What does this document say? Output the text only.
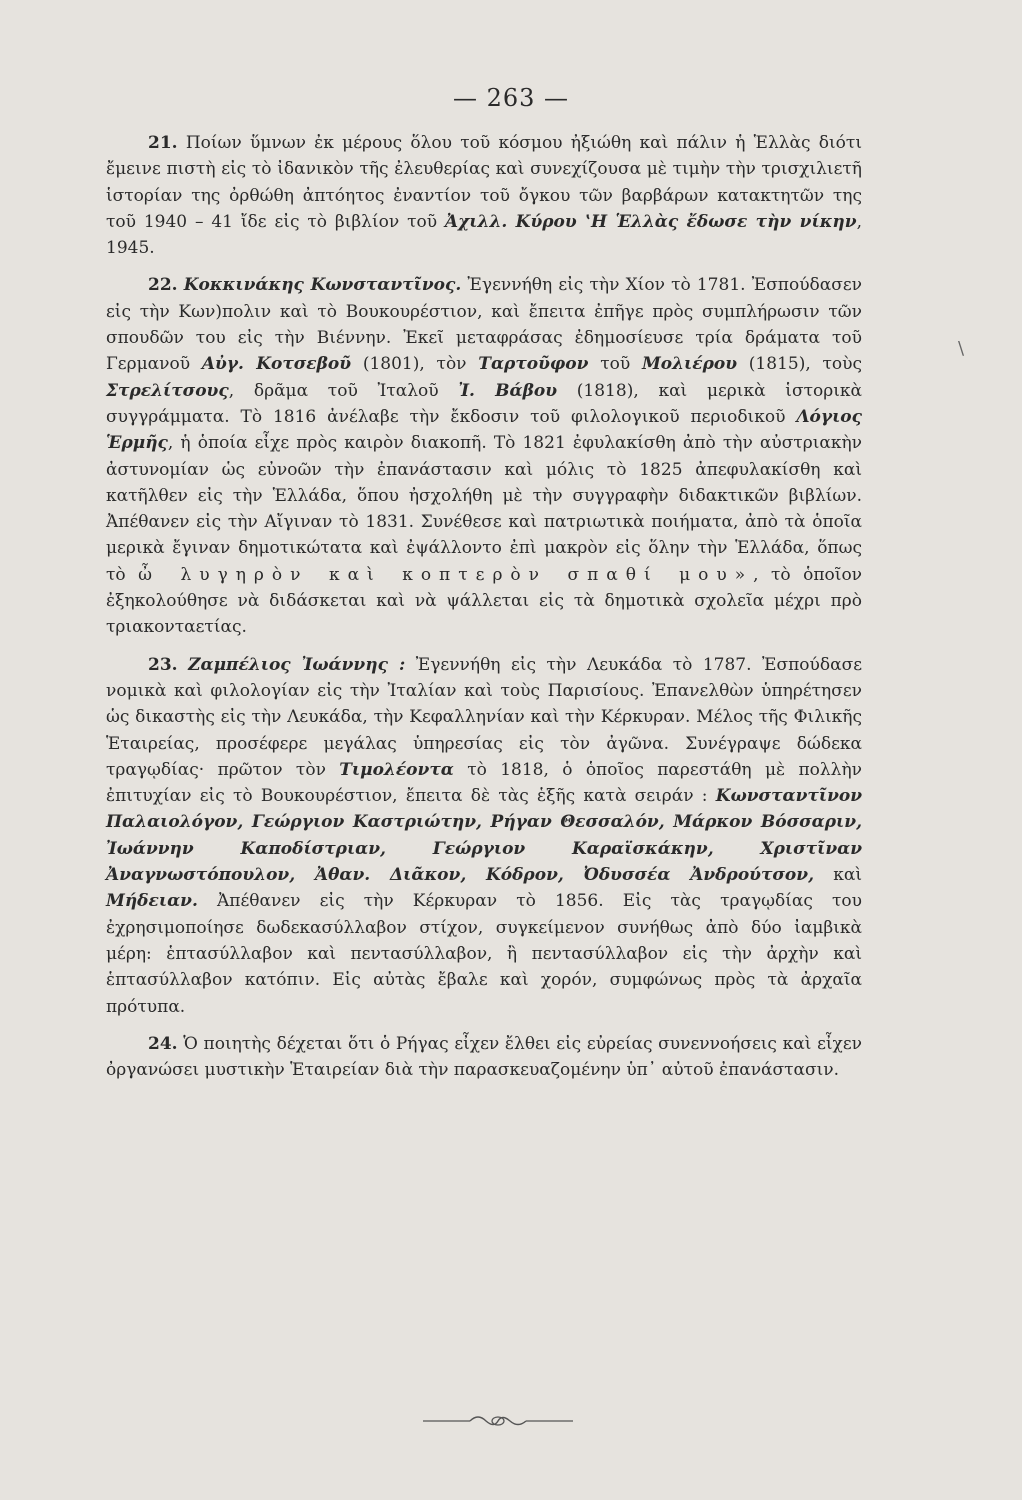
— 263 —

21. Ποίων ὕμνων ἐκ μέρους ὅλου τοῦ κόσμου ἠξιώθη καὶ πάλιν ἡ Ἑλλὰς διότι ἔμεινε πιστὴ εἰς τὸ ἰδανικὸν τῆς ἐλευθερίας καὶ συνεχίζουσα μὲ τιμὴν τὴν τρισχιλιετῆ ἱστορίαν της ὀρθώθη ἀπτόητος ἐναντίον τοῦ ὄγκου τῶν βαρβάρων κατακτητῶν της τοῦ 1940 – 41 ἴδε εἰς τὸ βιβλίον τοῦ Ἀχιλλ. Κύρου ‛Η Ἑλλὰς ἔδωσε τὴν νίκην, 1945.

22. Κοκκινάκης Κωνσταντῖνος. Ἐγεννήθη εἰς τὴν Χίον τὸ 1781. Ἐσπούδασεν εἰς τὴν Κων)πολιν καὶ τὸ Βουκουρέστιον, καὶ ἔπειτα ἐπῆγε πρὸς συμπλήρωσιν τῶν σπουδῶν του εἰς τὴν Βιέννην. Ἐκεῖ μεταφράσας ἐδημοσίευσε τρία δράματα τοῦ Γερμανοῦ Αὐγ. Κοτσεβοῦ (1801), τὸν Ταρτοῦφον τοῦ Μολιέρου (1815), τοὺς Στρελίτσους, δρᾶμα τοῦ Ἰταλοῦ Ἰ. Βάβου (1818), καὶ μερικὰ ἱστορικὰ συγγράμματα. Τὸ 1816 ἀνέλαβε τὴν ἔκδοσιν τοῦ φιλολογικοῦ περιοδικοῦ Λόγιος Ἑρμῆς, ἡ ὁποία εἶχε πρὸς καιρὸν διακοπῆ. Τὸ 1821 ἐφυλακίσθη ἀπὸ τὴν αὐστριακὴν ἀστυνομίαν ὡς εὐνοῶν τὴν ἐπανάστασιν καὶ μόλις τὸ 1825 ἀπεφυλακίσθη καὶ κατῆλθεν εἰς τὴν Ἑλλάδα, ὅπου ἠσχολήθη μὲ τὴν συγγραφὴν διδακτικῶν βιβλίων. Ἀπέθανεν εἰς τὴν Αἴγιναν τὸ 1831. Συνέθεσε καὶ πατριωτικὰ ποιήματα, ἀπὸ τὰ ὁποῖα μερικὰ ἔγιναν δημοτικώτατα καὶ ἐψάλλοντο ἐπὶ μακρὸν εἰς ὅλην τὴν Ἑλλάδα, ὅπως τὸ ὦ λυγηρὸν καὶ κοπτερὸν σπαθί μου», τὸ ὁποῖον ἐξηκολούθησε νὰ διδάσκεται καὶ νὰ ψάλλεται εἰς τὰ δημοτικὰ σχολεῖα μέχρι πρὸ τριακονταετίας.

23. Ζαμπέλιος Ἰωάννης : Ἐγεννήθη εἰς τὴν Λευκάδα τὸ 1787. Ἐσπούδασε νομικὰ καὶ φιλολογίαν εἰς τὴν Ἰταλίαν καὶ τοὺς Παρισίους. Ἐπανελθὼν ὑπηρέτησεν ὡς δικαστὴς εἰς τὴν Λευκάδα, τὴν Κεφαλληνίαν καὶ τὴν Κέρκυραν. Μέλος τῆς Φιλικῆς Ἑταιρείας, προσέφερε μεγάλας ὑπηρεσίας εἰς τὸν ἀγῶνα. Συνέγραψε δώδεκα τραγῳδίας· πρῶτον τὸν Τιμολέοντα τὸ 1818, ὁ ὁποῖος παρεστάθη μὲ πολλὴν ἐπιτυχίαν εἰς τὸ Βουκουρέστιον, ἔπειτα δὲ τὰς ἑξῆς κατὰ σειράν : Κωνσταντῖνον Παλαιολόγον, Γεώργιον Καστριώτην, Ρήγαν Θεσσαλόν, Μάρκον Βόσσαριν, Ἰωάννην Καποδίστριαν, Γεώργιον Καραϊσκάκην, Χριστῖναν Ἀναγνωστόπουλον, Ἀθαν. Διᾶκον, Κόδρον, Ὀδυσσέα Ἀνδρούτσον, καὶ Μήδειαν. Ἀπέθανεν εἰς τὴν Κέρκυραν τὸ 1856. Εἰς τὰς τραγῳδίας του ἐχρησιμοποίησε δωδεκασύλλαβον στίχον, συγκείμενον συνήθως ἀπὸ δύο ἰαμβικὰ μέρη: ἑπτασύλλαβον καὶ πεντασύλλαβον, ἢ πεντασύλλαβον εἰς τὴν ἀρχὴν καὶ ἑπτασύλλαβον κατόπιν. Εἰς αὐτὰς ἔβαλε καὶ χορόν, συμφώνως πρὸς τὰ ἀρχαῖα πρότυπα.

24. Ὁ ποιητὴς δέχεται ὅτι ὁ Ρήγας εἶχεν ἔλθει εἰς εὐρείας συνεννοήσεις καὶ εἶχεν ὀργανώσει μυστικὴν Ἑταιρείαν διὰ τὴν παρασκευαζομένην ὑπ᾽ αὐτοῦ ἐπανάστασιν.

\
